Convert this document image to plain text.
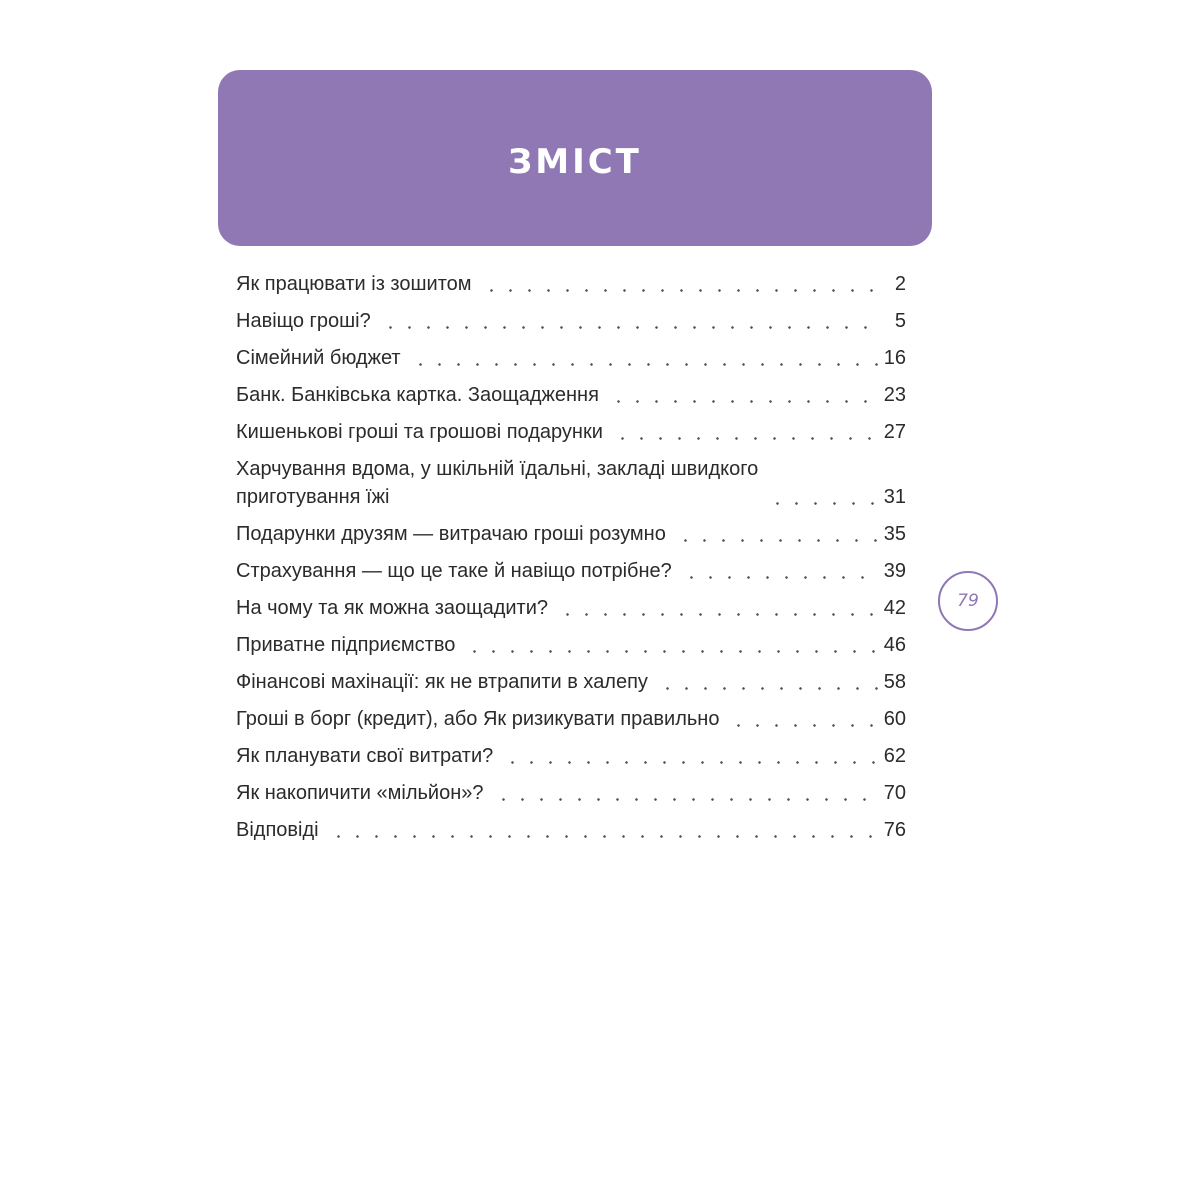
ЗМІСТ
Як працювати із зошитом	2
Навіщо гроші?	5
Сімейний бюджет	16
Банк. Банківська картка. Заощадження	23
Кишенькові гроші та грошові подарунки	27
Харчування вдома, у шкільній їдальні, закладі швидкого
приготування їжі	31
Подарунки друзям — витрачаю гроші розумно	35
Страхування — що це таке й навіщо потрібне?	39
На чому та як можна заощадити?	42
Приватне підприємство	46
Фінансові махінації: як не втрапити в халепу	58
Гроші в борг (кредит), або Як ризикувати правильно	60
Як планувати свої витрати?	62
Як накопичити «мільйон»?	70
Відповіді	76
79
